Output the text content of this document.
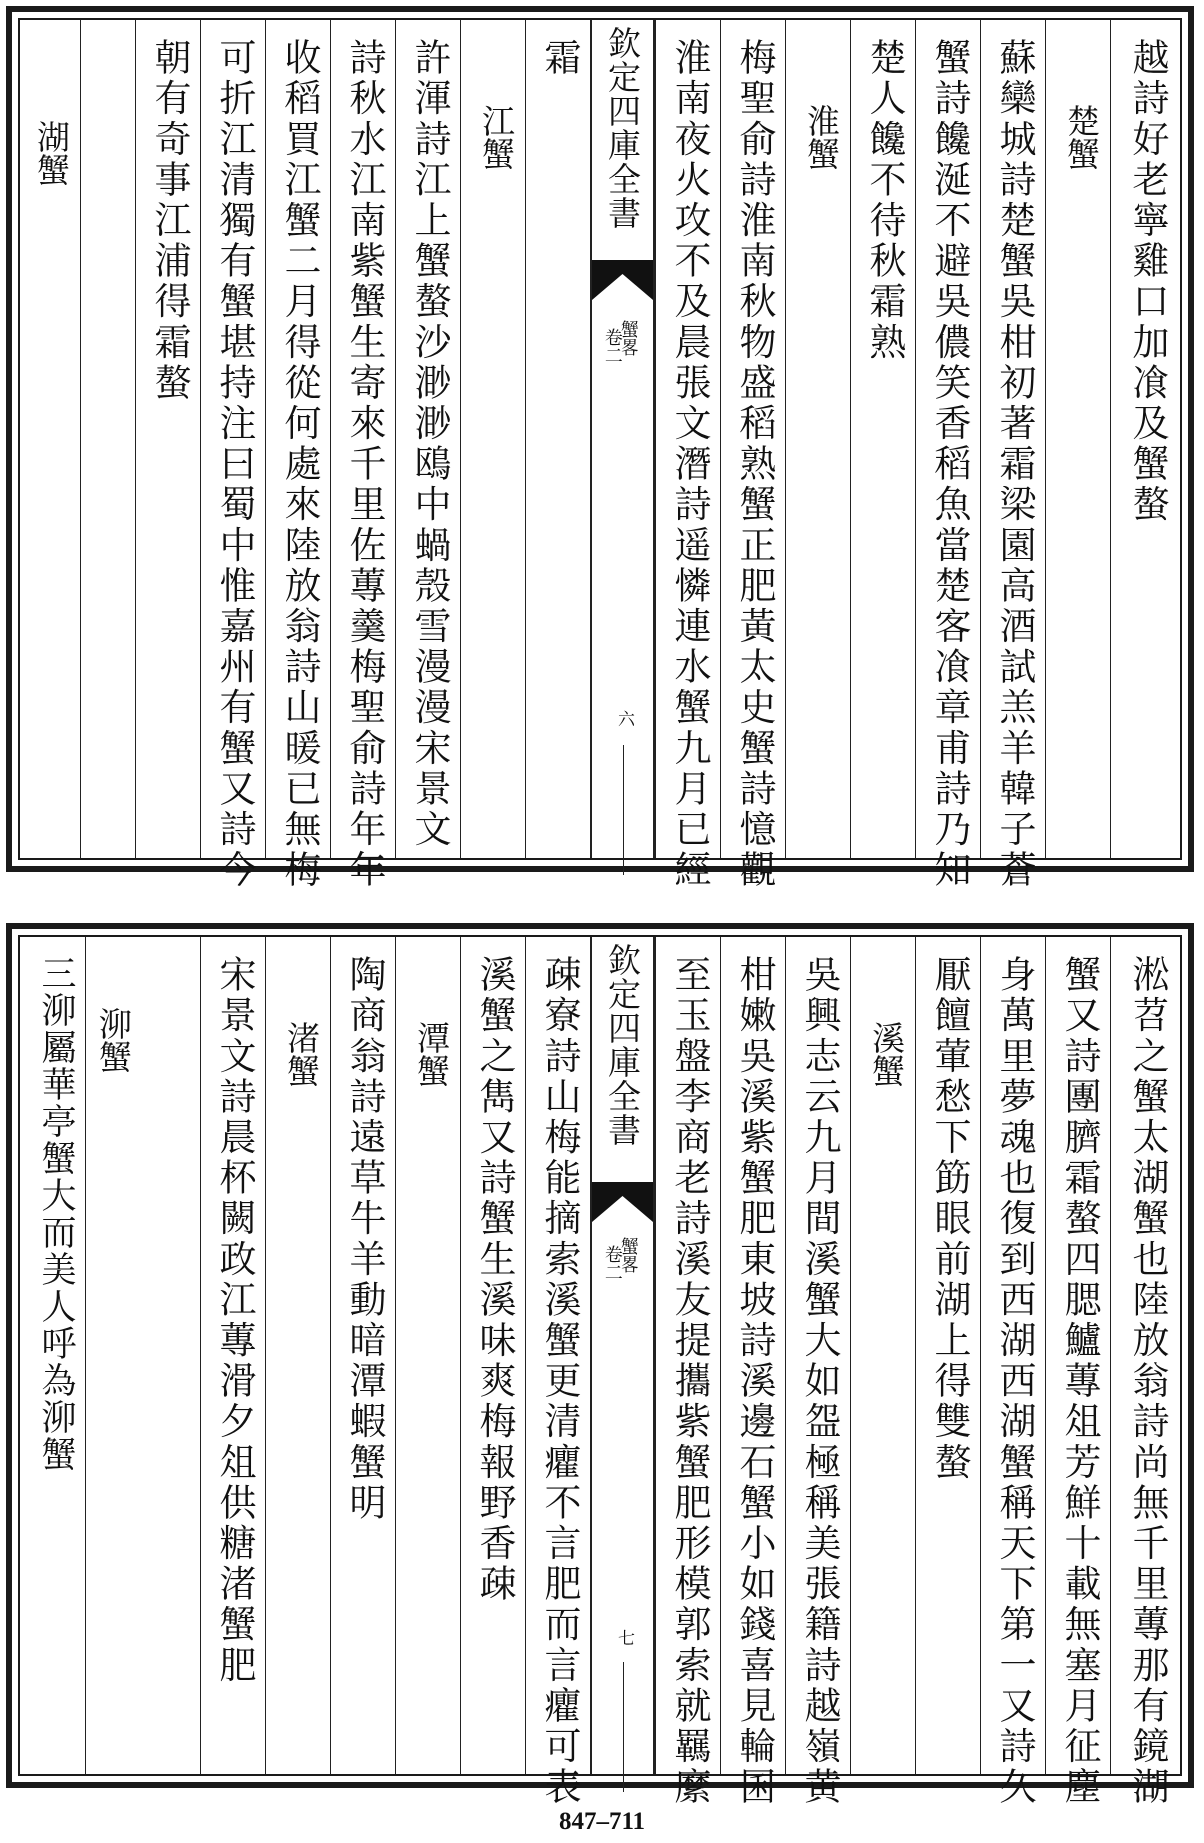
越詩好老寧雞口加飡及蟹螯
楚蟹
蘇欒城詩楚蟹吳柑初著霜梁園高酒試羔羊韓子蒼
蟹詩饞涎不避吳儂笑香稻魚當楚客飡章甫詩乃知
楚人饞不待秋霜熟
淮蟹
梅聖俞詩淮南秋物盛稻熟蟹正肥黃太史蟹詩憶觀
淮南夜火攻不及晨張文潛詩遥憐連水蟹九月已經
欽定四庫全書
蟹畧
卷二
六
霜
江蟹
許渾詩江上蟹螯沙渺渺鴎中蝸殼雪漫漫宋景文
詩秋水江南紫蟹生寄來千里佐蓴羹梅聖俞詩年年
收稻買江蟹二月得從何處來陸放翁詩山暖已無梅
可折江清獨有蟹堪持注曰蜀中惟嘉州有蟹又詩今
朝有奇事江浦得霜螯
湖蟹
淞苕之蟹太湖蟹也陸放翁詩尚無千里蓴那有鏡湖
蟹又詩團臍霜螯四腮鱸蓴俎芳鮮十載無塞月征塵
身萬里夢魂也復到西湖西湖蟹稱天下第一又詩久
厭饘葷愁下筯眼前湖上得雙螯
溪蟹
吳興志云九月間溪蟹大如盌極稱美張籍詩越嶺黄
柑嫩吳溪紫蟹肥東坡詩溪邊石蟹小如錢喜見輪囷
至玉盤李商老詩溪友提攜紫蟹肥形模郭索就羈縻
欽定四庫全書
蟹畧
卷二
七
疎寮詩山梅能摘索溪蟹更清癯不言肥而言癯可表
溪蟹之雋又詩蟹生溪味爽梅報野香疎
潭蟹
陶商翁詩遠草牛羊動暗潭蝦蟹明
渚蟹
宋景文詩晨杯闕政江蓴滑夕俎供糖渚蟹肥
泖蟹
三泖屬華亭蟹大而美人呼為泖蟹
847–711
